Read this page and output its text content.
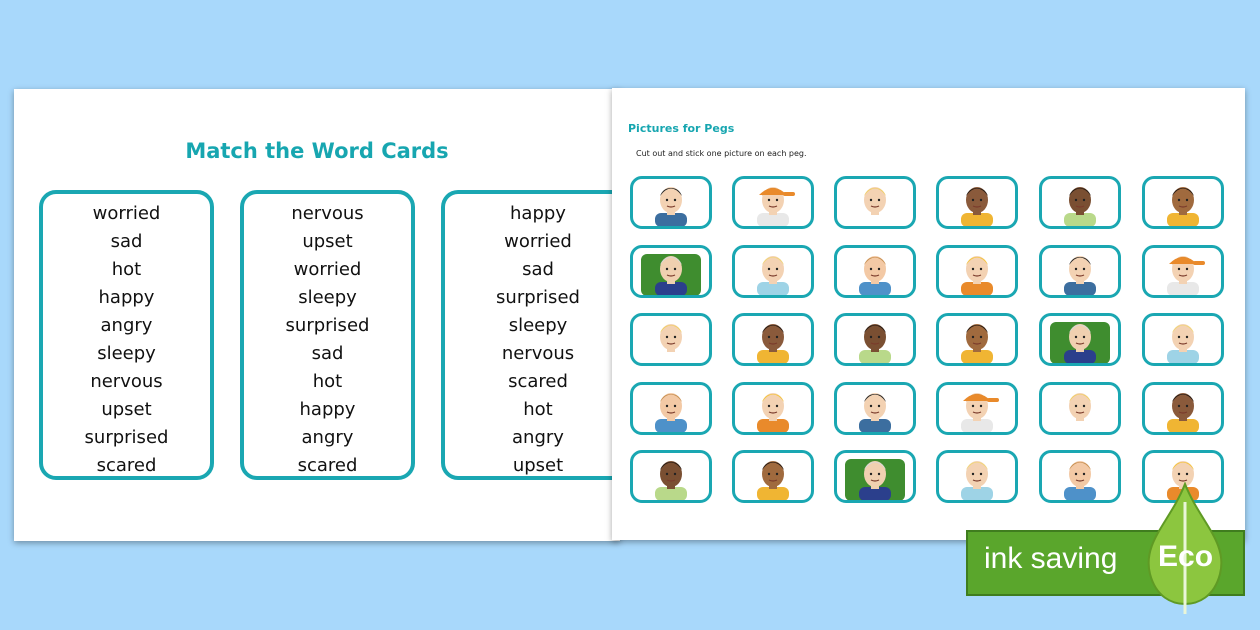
Match the Word Cards
worried
sad
hot
happy
angry
sleepy
nervous
upset
surprised
scared
nervous
upset
worried
sleepy
surprised
sad
hot
happy
angry
scared
happy
worried
sad
surprised
sleepy
nervous
scared
hot
angry
upset
Pictures for Pegs
Cut out and stick one picture on each peg.
ink saving Eco
